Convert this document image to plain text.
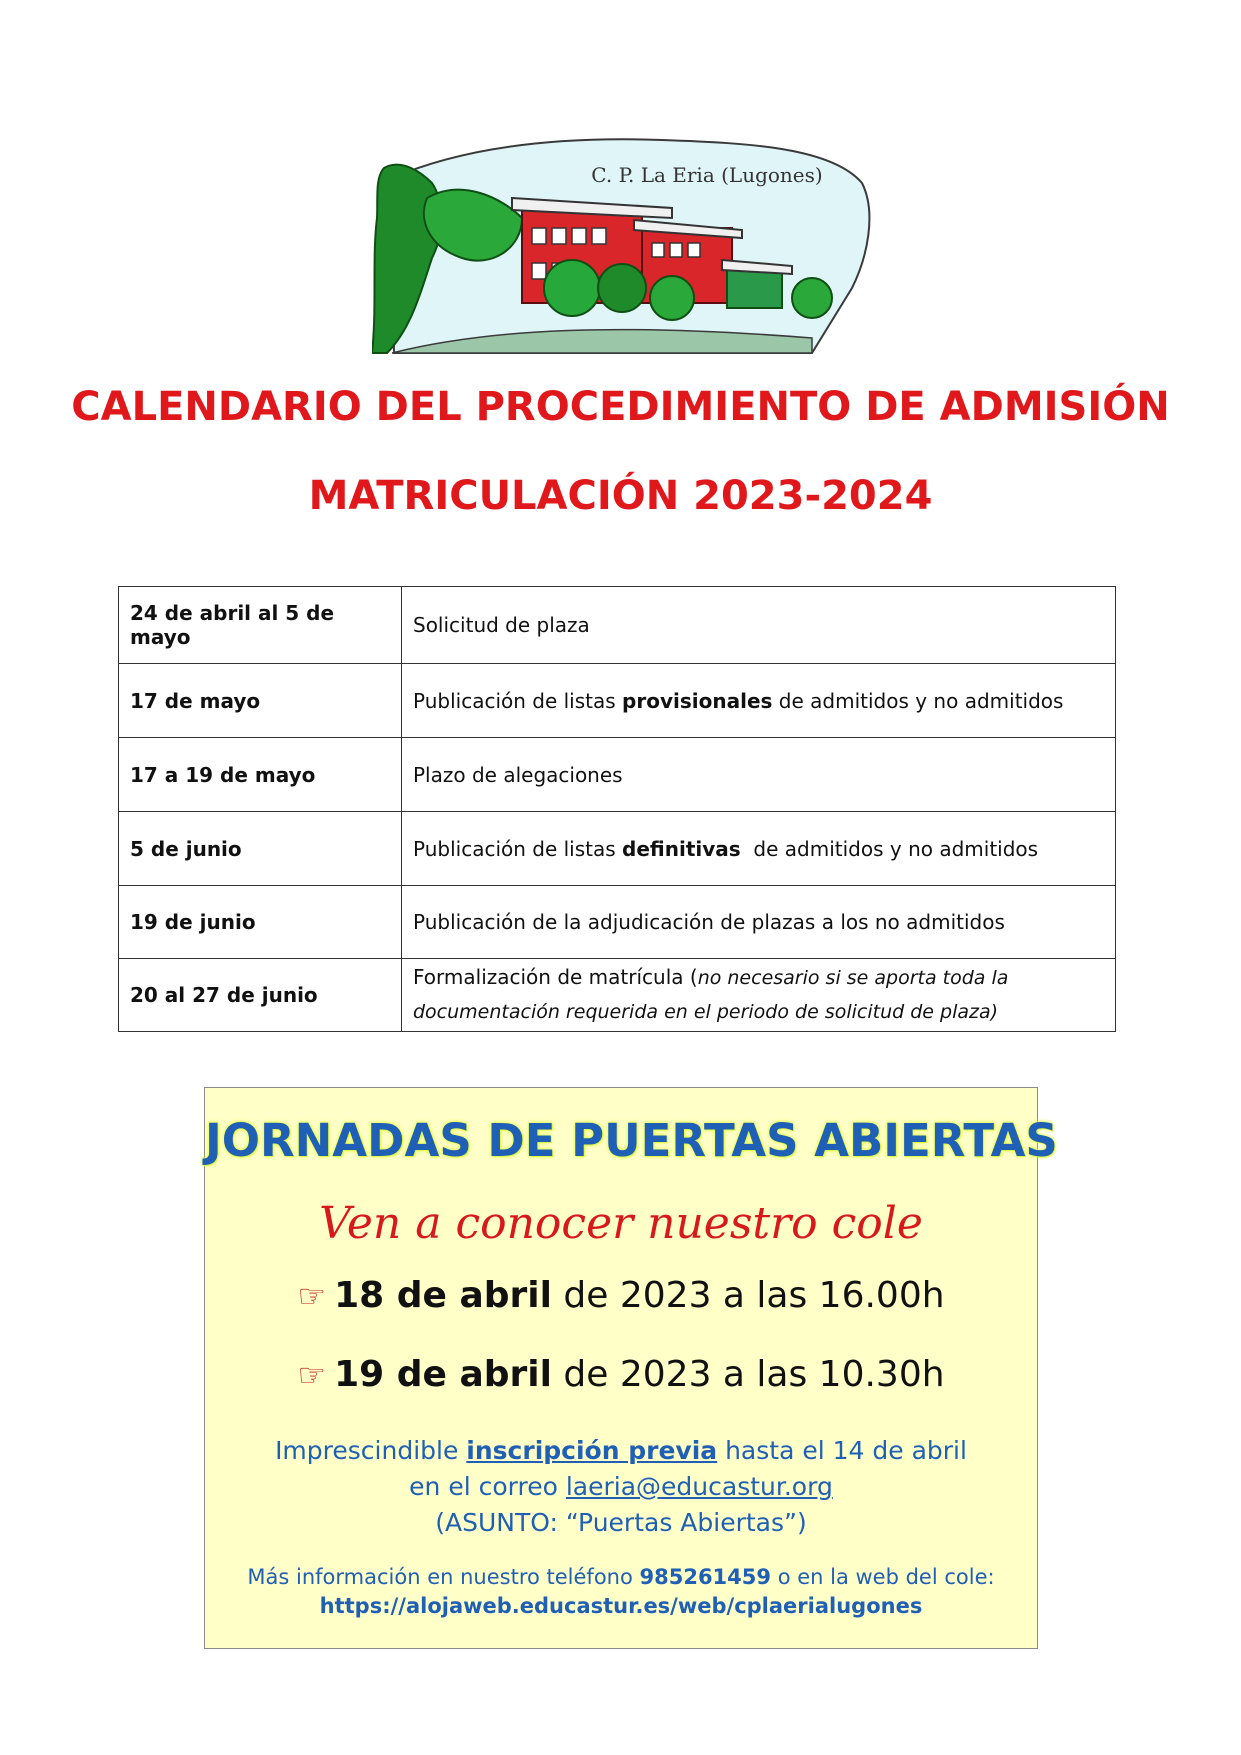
C. P. La Eria (Lugones)
CALENDARIO DEL PROCEDIMIENTO DE ADMISIÓN
MATRICULACIÓN 2023-2024
24 de abril al 5 de mayo	Solicitud de plaza
17 de mayo	Publicación de listas provisionales de admitidos y no admitidos
17 a 19 de mayo	Plazo de alegaciones
5 de junio	Publicación de listas definitivas  de admitidos y no admitidos
19 de junio	Publicación de la adjudicación de plazas a los no admitidos
20 al 27 de junio	Formalización de matrícula (no necesario si se aporta toda la documentación requerida en el periodo de solicitud de plaza)
JORNADAS DE PUERTAS ABIERTAS
Ven a conocer nuestro cole
☞ 18 de abril de 2023 a las 16.00h
☞ 19 de abril de 2023 a las 10.30h
Imprescindible inscripción previa hasta el 14 de abril
en el correo laeria@educastur.org
(ASUNTO: “Puertas Abiertas”)
Más información en nuestro teléfono 985261459 o en la web del cole:
https://alojaweb.educastur.es/web/cplaerialugones
